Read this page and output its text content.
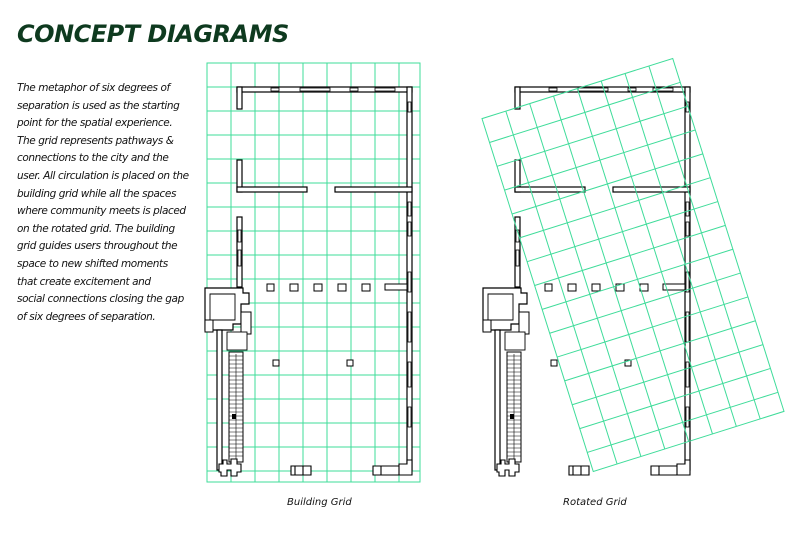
CONCEPT DIAGRAMS
The metaphor of six degrees of
separation is used as the starting
point for the spatial experience.
The grid represents pathways &
connections to the city and the
user. All circulation is placed on the
building grid while all the spaces
where community meets is placed
on the rotated grid. The building
grid guides users throughout the
space to new shifted moments
that create excitement and
social connections closing the gap
of six degrees of separation.
Building Grid	Rotated Grid
